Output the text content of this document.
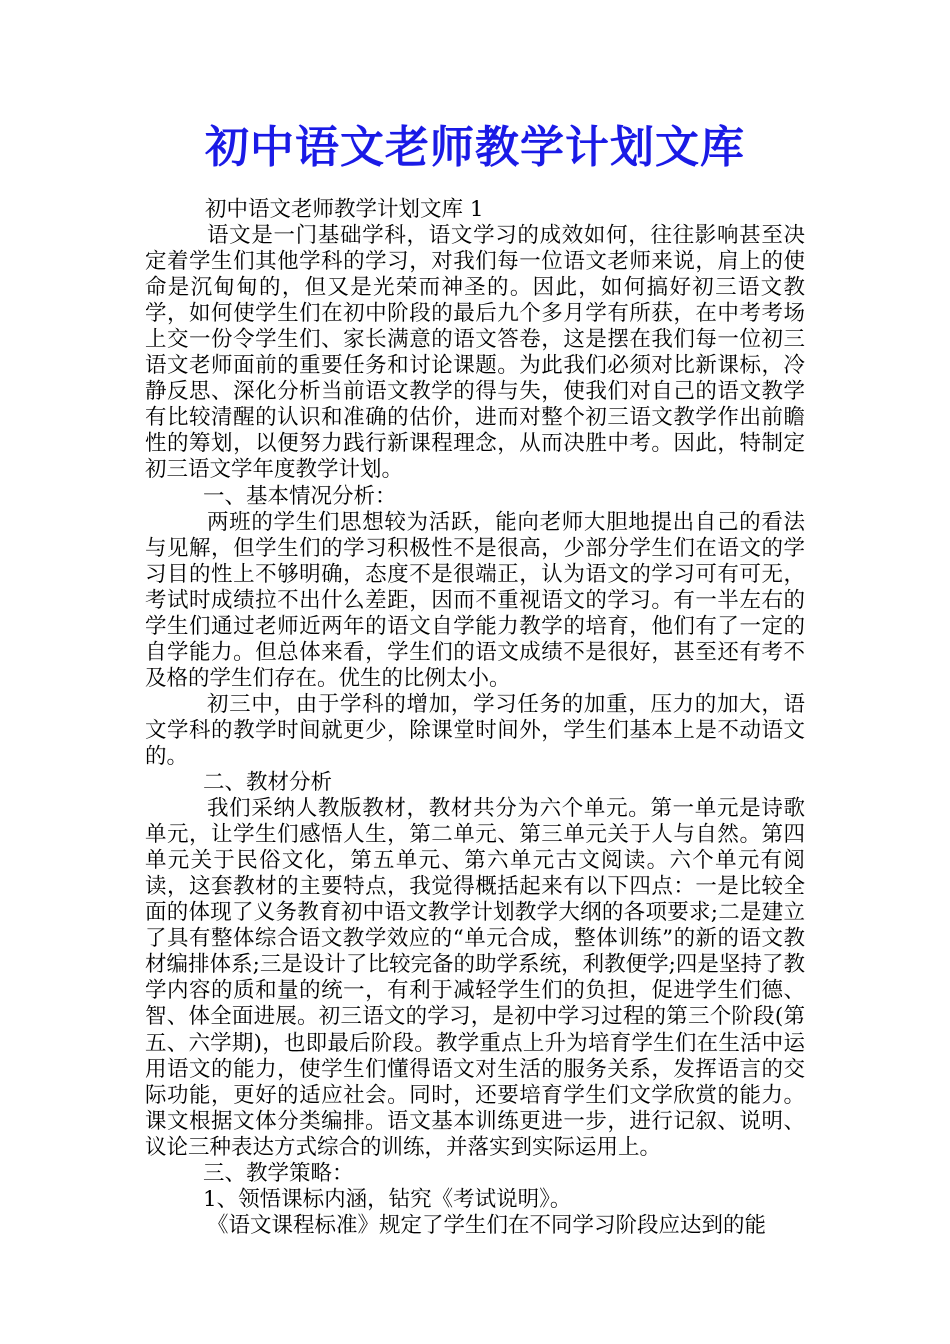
初中语文老师教学计划文库

初中语文老师教学计划文库 1

语文是一门基础学科，语文学习的成效如何，往往影响甚至决定着学生们其他学科的学习，对我们每一位语文老师来说，肩上的使命是沉甸甸的，但又是光荣而神圣的。因此，如何搞好初三语文教学，如何使学生们在初中阶段的最后九个多月学有所获，在中考考场上交一份令学生们、家长满意的语文答卷，这是摆在我们每一位初三语文老师面前的重要任务和讨论课题。为此我们必须对比新课标，冷静反思、深化分析当前语文教学的得与失，使我们对自己的语文教学有比较清醒的认识和准确的估价，进而对整个初三语文教学作出前瞻性的筹划，以便努力践行新课程理念，从而决胜中考。因此，特制定初三语文学年度教学计划。

一、基本情况分析：

两班的学生们思想较为活跃，能向老师大胆地提出自己的看法与见解，但学生们的学习积极性不是很高，少部分学生们在语文的学习目的性上不够明确，态度不是很端正，认为语文的学习可有可无，考试时成绩拉不出什么差距，因而不重视语文的学习。有一半左右的学生们通过老师近两年的语文自学能力教学的培育，他们有了一定的自学能力。但总体来看，学生们的语文成绩不是很好，甚至还有考不及格的学生们存在。优生的比例太小。

初三中，由于学科的增加，学习任务的加重，压力的加大，语文学科的教学时间就更少，除课堂时间外，学生们基本上是不动语文的。

二、教材分析

我们采纳人教版教材，教材共分为六个单元。第一单元是诗歌单元，让学生们感悟人生，第二单元、第三单元关于人与自然。第四单元关于民俗文化，第五单元、第六单元古文阅读。六个单元有阅读，这套教材的主要特点，我觉得概括起来有以下四点：一是比较全面的体现了义务教育初中语文教学计划教学大纲的各项要求;二是建立了具有整体综合语文教学效应的“单元合成，整体训练”的新的语文教材编排体系;三是设计了比较完备的助学系统，利教便学;四是坚持了教学内容的质和量的统一，有利于减轻学生们的负担，促进学生们德、智、体全面进展。初三语文的学习，是初中学习过程的第三个阶段(第五、六学期)，也即最后阶段。教学重点上升为培育学生们在生活中运用语文的能力，使学生们懂得语文对生活的服务关系，发挥语言的交际功能，更好的适应社会。同时，还要培育学生们文学欣赏的能力。课文根据文体分类编排。语文基本训练更进一步，进行记叙、说明、议论三种表达方式综合的训练，并落实到实际运用上。

三、教学策略：

1、领悟课标内涵，钻究《考试说明》。

《语文课程标准》规定了学生们在不同学习阶段应达到的能
